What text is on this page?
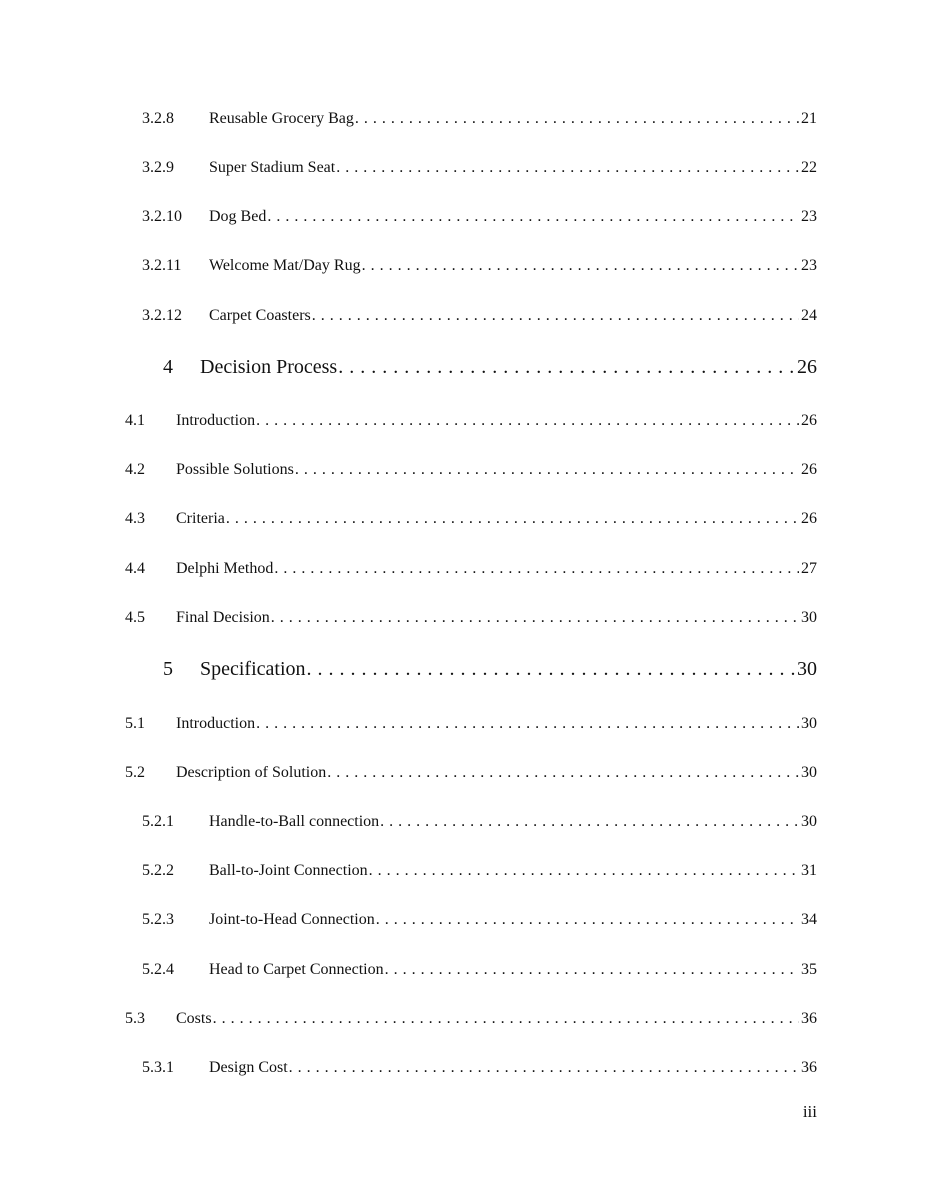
3.2.8	Reusable Grocery Bag . . .	21
3.2.9	Super Stadium Seat . . .	22
3.2.10	Dog Bed . . .	23
3.2.11	Welcome Mat/Day Rug . . .	23
3.2.12	Carpet Coasters . . .	24
4	Decision Process . . .	26
4.1	Introduction . . .	26
4.2	Possible Solutions . . .	26
4.3	Criteria . . .	26
4.4	Delphi Method . . .	27
4.5	Final Decision . . .	30
5	Specification . . .	30
5.1	Introduction . . .	30
5.2	Description of Solution . . .	30
5.2.1	Handle-to-Ball connection . . .	30
5.2.2	Ball-to-Joint Connection . . .	31
5.2.3	Joint-to-Head Connection . . .	34
5.2.4	Head to Carpet Connection . . .	35
5.3	Costs . . .	36
5.3.1	Design Cost . . .	36
iii
